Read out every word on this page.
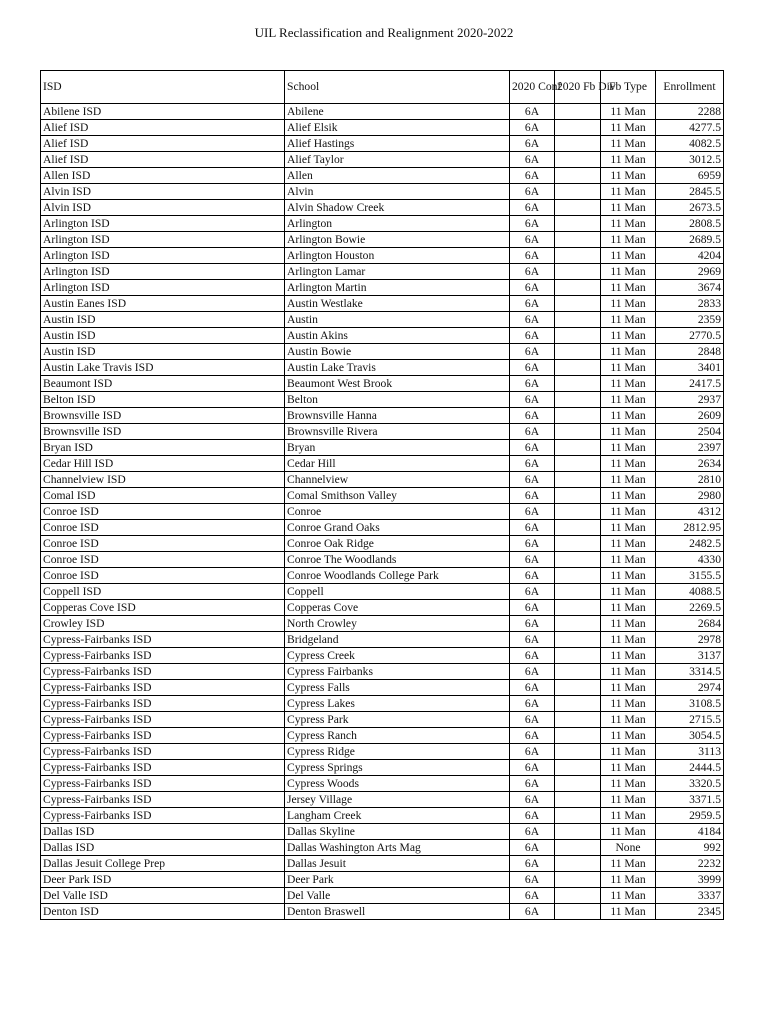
UIL Reclassification and Realignment 2020-2022
ISD	School	2020 Conf	2020 Fb Div	Fb Type	Enrollment
Abilene ISD	Abilene	6A		11 Man	2288
Alief ISD	Alief Elsik	6A		11 Man	4277.5
Alief ISD	Alief Hastings	6A		11 Man	4082.5
Alief ISD	Alief Taylor	6A		11 Man	3012.5
Allen ISD	Allen	6A		11 Man	6959
Alvin ISD	Alvin	6A		11 Man	2845.5
Alvin ISD	Alvin Shadow Creek	6A		11 Man	2673.5
Arlington ISD	Arlington	6A		11 Man	2808.5
Arlington ISD	Arlington Bowie	6A		11 Man	2689.5
Arlington ISD	Arlington Houston	6A		11 Man	4204
Arlington ISD	Arlington Lamar	6A		11 Man	2969
Arlington ISD	Arlington Martin	6A		11 Man	3674
Austin Eanes ISD	Austin Westlake	6A		11 Man	2833
Austin ISD	Austin	6A		11 Man	2359
Austin ISD	Austin Akins	6A		11 Man	2770.5
Austin ISD	Austin Bowie	6A		11 Man	2848
Austin Lake Travis ISD	Austin Lake Travis	6A		11 Man	3401
Beaumont ISD	Beaumont West Brook	6A		11 Man	2417.5
Belton ISD	Belton	6A		11 Man	2937
Brownsville ISD	Brownsville Hanna	6A		11 Man	2609
Brownsville ISD	Brownsville Rivera	6A		11 Man	2504
Bryan ISD	Bryan	6A		11 Man	2397
Cedar Hill ISD	Cedar Hill	6A		11 Man	2634
Channelview ISD	Channelview	6A		11 Man	2810
Comal ISD	Comal Smithson Valley	6A		11 Man	2980
Conroe ISD	Conroe	6A		11 Man	4312
Conroe ISD	Conroe Grand Oaks	6A		11 Man	2812.95
Conroe ISD	Conroe Oak Ridge	6A		11 Man	2482.5
Conroe ISD	Conroe The Woodlands	6A		11 Man	4330
Conroe ISD	Conroe Woodlands College Park	6A		11 Man	3155.5
Coppell ISD	Coppell	6A		11 Man	4088.5
Copperas Cove ISD	Copperas Cove	6A		11 Man	2269.5
Crowley ISD	North Crowley	6A		11 Man	2684
Cypress-Fairbanks ISD	Bridgeland	6A		11 Man	2978
Cypress-Fairbanks ISD	Cypress Creek	6A		11 Man	3137
Cypress-Fairbanks ISD	Cypress Fairbanks	6A		11 Man	3314.5
Cypress-Fairbanks ISD	Cypress Falls	6A		11 Man	2974
Cypress-Fairbanks ISD	Cypress Lakes	6A		11 Man	3108.5
Cypress-Fairbanks ISD	Cypress Park	6A		11 Man	2715.5
Cypress-Fairbanks ISD	Cypress Ranch	6A		11 Man	3054.5
Cypress-Fairbanks ISD	Cypress Ridge	6A		11 Man	3113
Cypress-Fairbanks ISD	Cypress Springs	6A		11 Man	2444.5
Cypress-Fairbanks ISD	Cypress Woods	6A		11 Man	3320.5
Cypress-Fairbanks ISD	Jersey Village	6A		11 Man	3371.5
Cypress-Fairbanks ISD	Langham Creek	6A		11 Man	2959.5
Dallas ISD	Dallas Skyline	6A		11 Man	4184
Dallas ISD	Dallas Washington Arts Mag	6A		None	992
Dallas Jesuit College Prep	Dallas Jesuit	6A		11 Man	2232
Deer Park ISD	Deer Park	6A		11 Man	3999
Del Valle ISD	Del Valle	6A		11 Man	3337
Denton ISD	Denton Braswell	6A		11 Man	2345
